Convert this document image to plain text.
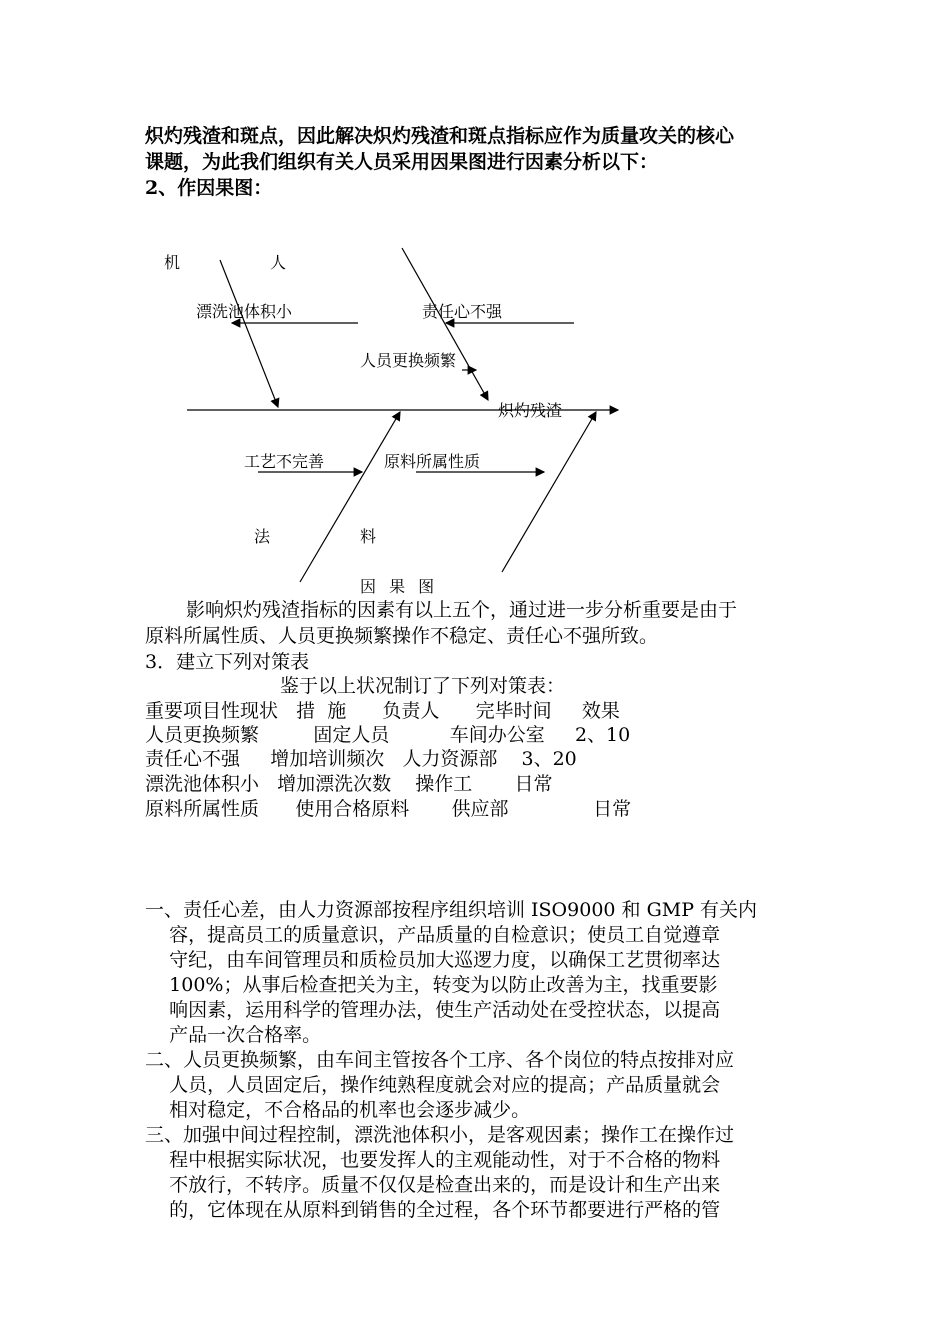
炽灼残渣和斑点，因此解决炽灼残渣和斑点指标应作为质量攻关的核心
课题，为此我们组织有关人员采用因果图进行因素分析以下：
2、作因果图：
机	人
漂洗池体积小	责任心不强
人员更换频繁
炽灼残渣
工艺不完善	原料所属性质
法	料
因 果 图
影响炽灼残渣指标的因素有以上五个，通过进一步分析重要是由于
原料所属性质、人员更换频繁操作不稳定、责任心不强所致。
3．建立下列对策表
鉴于以上状况制订了下列对策表：
重要项目性现状   措  施      负责人      完毕时间     效果
人员更换频繁         固定人员          车间办公室     2、10
责任心不强     增加培训频次   人力资源部    3、20
漂洗池体积小   增加漂洗次数    操作工       日常
原料所属性质      使用合格原料       供应部              日常
一、责任心差，由人力资源部按程序组织培训 ISO9000 和 GMP 有关内
容，提高员工的质量意识，产品质量的自检意识；使员工自觉遵章
守纪，由车间管理员和质检员加大巡逻力度，以确保工艺贯彻率达
100%；从事后检查把关为主，转变为以防止改善为主，找重要影
响因素，运用科学的管理办法，使生产活动处在受控状态，以提高
产品一次合格率。
二、人员更换频繁，由车间主管按各个工序、各个岗位的特点按排对应
人员，人员固定后，操作纯熟程度就会对应的提高；产品质量就会
相对稳定，不合格品的机率也会逐步减少。
三、加强中间过程控制，漂洗池体积小，是客观因素；操作工在操作过
程中根据实际状况，也要发挥人的主观能动性，对于不合格的物料
不放行，不转序。质量不仅仅是检查出来的，而是设计和生产出来
的，它体现在从原料到销售的全过程，各个环节都要进行严格的管
